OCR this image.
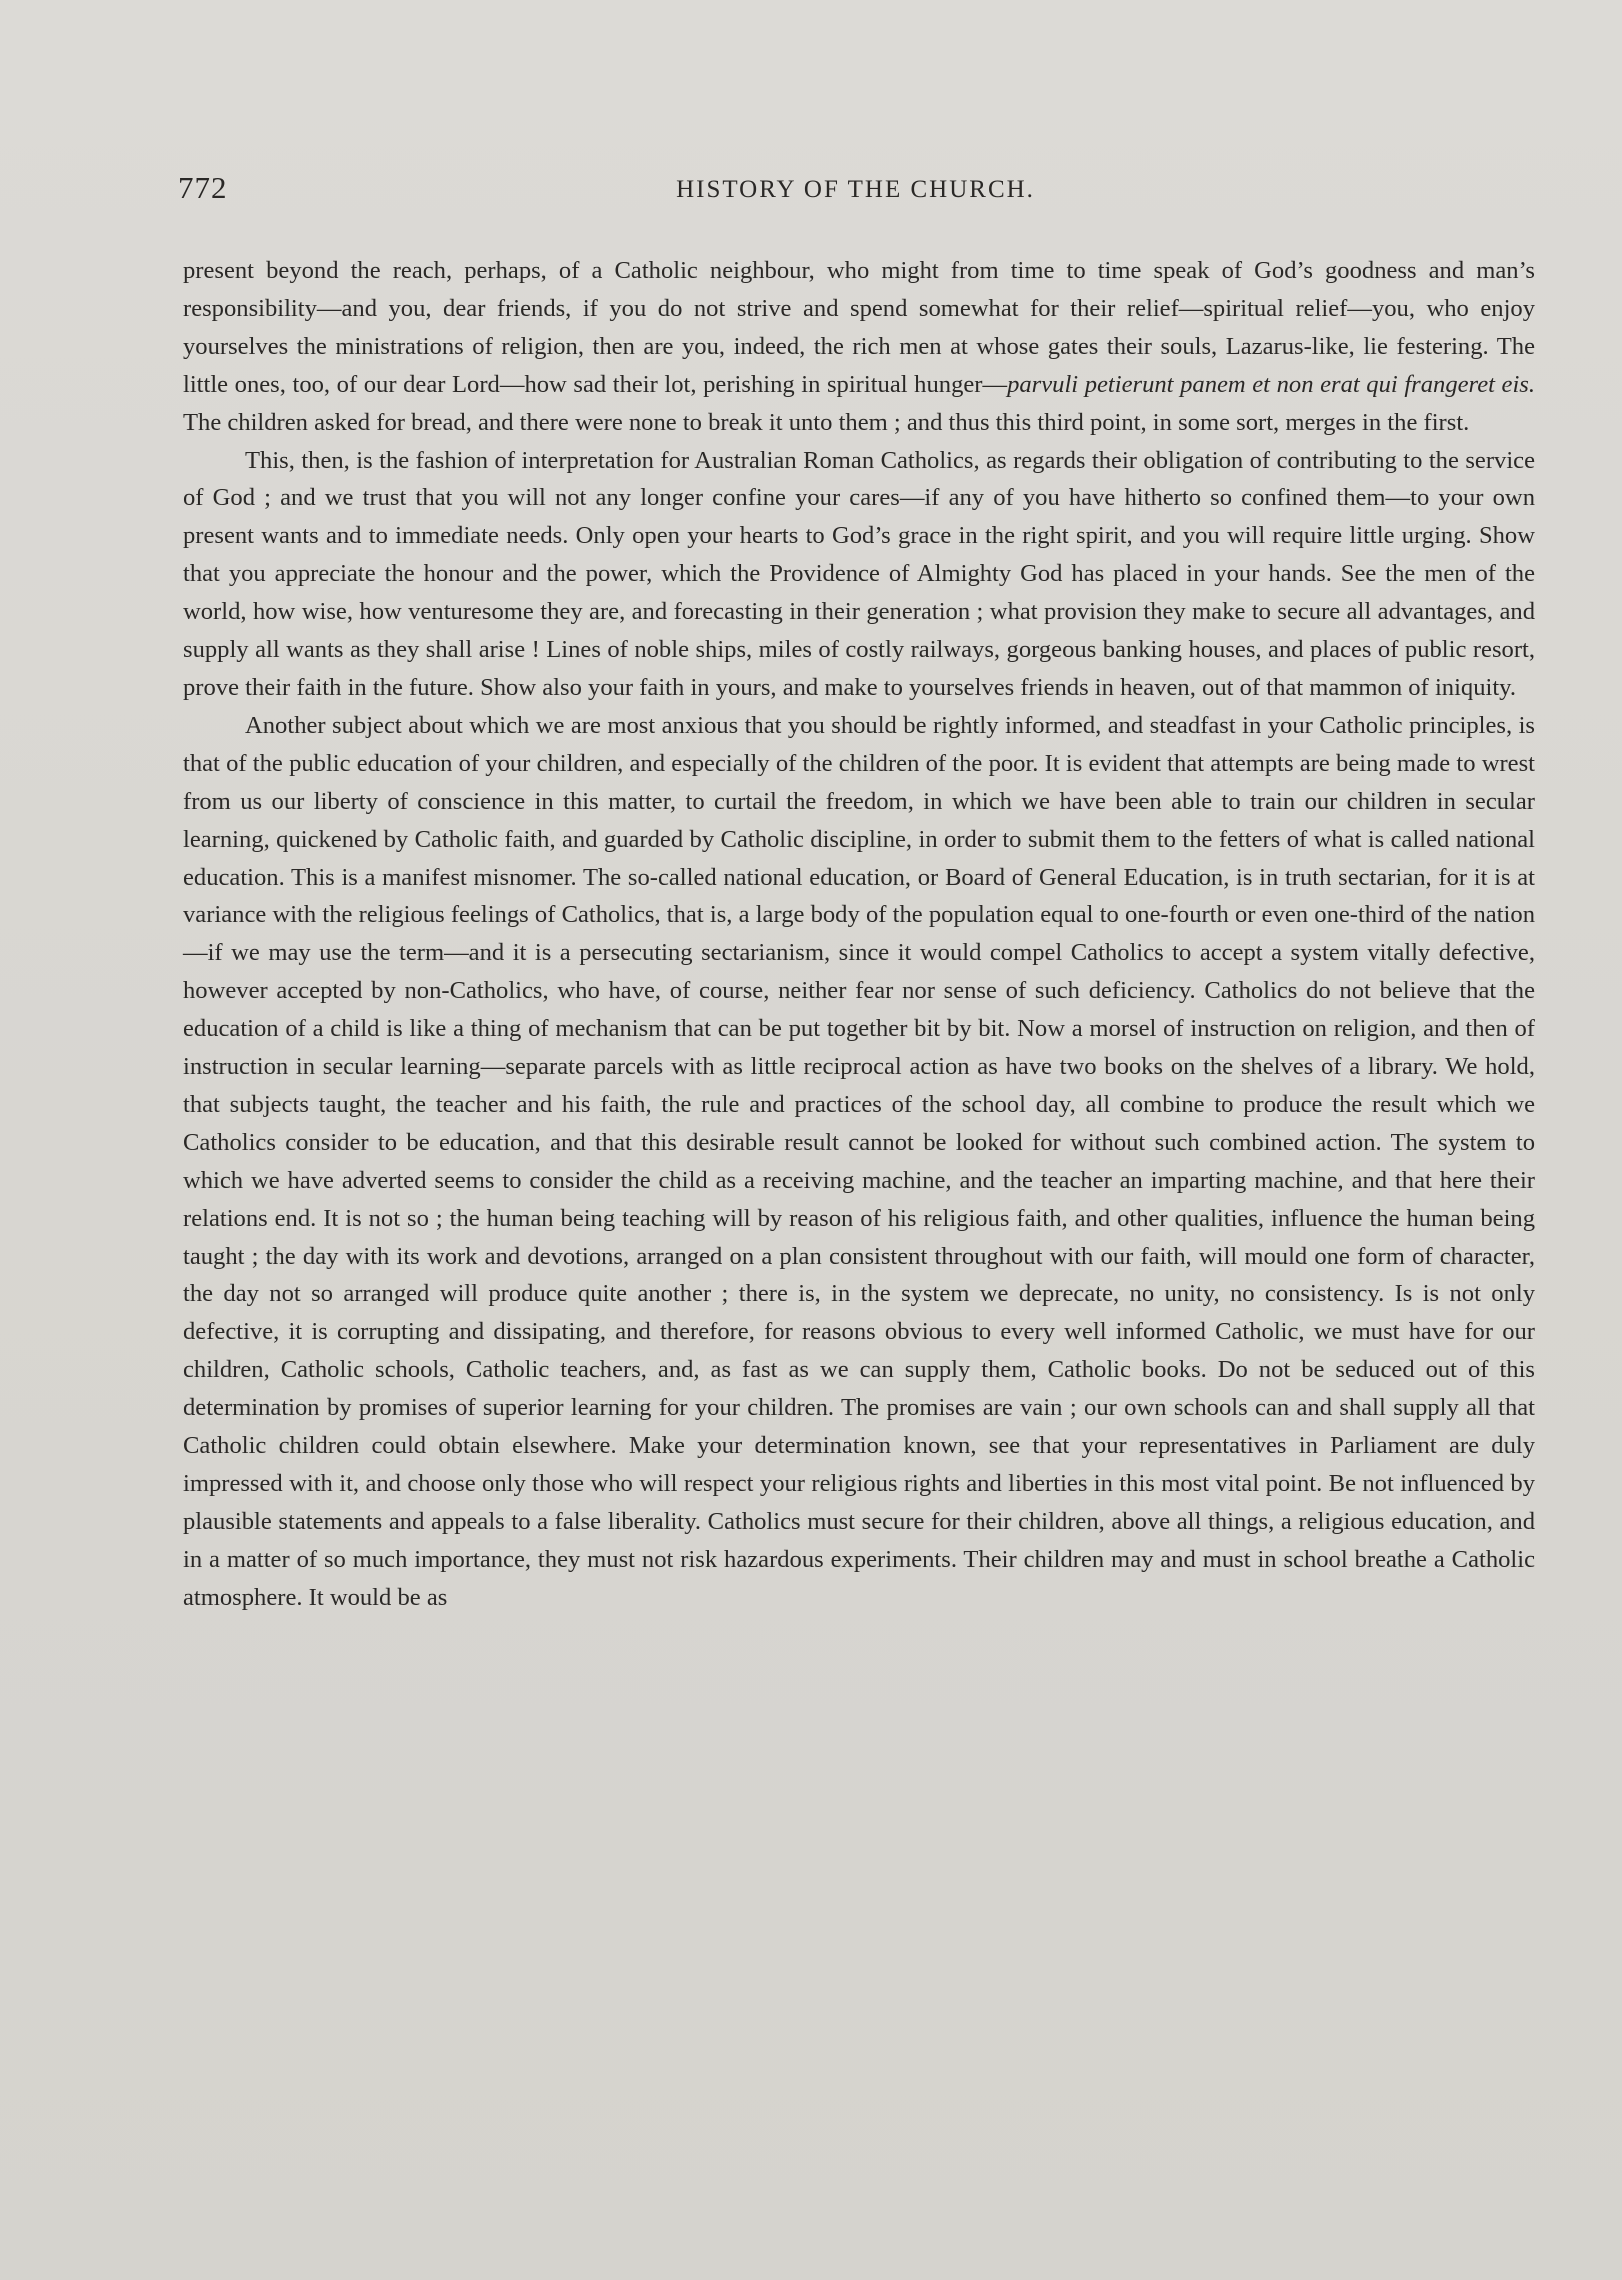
772	HISTORY OF THE CHURCH.

present beyond the reach, perhaps, of a Catholic neighbour, who might from time to time speak of God’s goodness and man’s responsibility—and you, dear friends, if you do not strive and spend somewhat for their relief—spiritual relief—you, who enjoy yourselves the ministrations of religion, then are you, indeed, the rich men at whose gates their souls, Lazarus-like, lie festering. The little ones, too, of our dear Lord—how sad their lot, perishing in spiritual hunger—parvuli petierunt panem et non erat qui frangeret eis. The children asked for bread, and there were none to break it unto them ; and thus this third point, in some sort, merges in the first.

This, then, is the fashion of interpretation for Australian Roman Catholics, as regards their obligation of contributing to the service of God ; and we trust that you will not any longer confine your cares—if any of you have hitherto so confined them—to your own present wants and to immediate needs. Only open your hearts to God’s grace in the right spirit, and you will require little urging. Show that you appreciate the honour and the power, which the Providence of Almighty God has placed in your hands. See the men of the world, how wise, how venturesome they are, and forecasting in their generation ; what provision they make to secure all advantages, and supply all wants as they shall arise ! Lines of noble ships, miles of costly railways, gorgeous banking houses, and places of public resort, prove their faith in the future. Show also your faith in yours, and make to yourselves friends in heaven, out of that mammon of iniquity.

Another subject about which we are most anxious that you should be rightly informed, and steadfast in your Catholic principles, is that of the public education of your children, and especially of the children of the poor. It is evident that attempts are being made to wrest from us our liberty of conscience in this matter, to curtail the freedom, in which we have been able to train our children in secular learning, quickened by Catholic faith, and guarded by Catholic discipline, in order to submit them to the fetters of what is called national education. This is a manifest misnomer. The so-called national education, or Board of General Education, is in truth sectarian, for it is at variance with the religious feelings of Catholics, that is, a large body of the population equal to one-fourth or even one-third of the nation—if we may use the term—and it is a persecuting sectarianism, since it would compel Catholics to accept a system vitally defective, however accepted by non-Catholics, who have, of course, neither fear nor sense of such deficiency. Catholics do not believe that the education of a child is like a thing of mechanism that can be put together bit by bit. Now a morsel of instruction on religion, and then of instruction in secular learning—separate parcels with as little reciprocal action as have two books on the shelves of a library. We hold, that subjects taught, the teacher and his faith, the rule and practices of the school day, all combine to produce the result which we Catholics consider to be education, and that this desirable result cannot be looked for without such combined action. The system to which we have adverted seems to consider the child as a receiving machine, and the teacher an imparting machine, and that here their relations end. It is not so ; the human being teaching will by reason of his religious faith, and other qualities, influence the human being taught ; the day with its work and devotions, arranged on a plan consistent throughout with our faith, will mould one form of character, the day not so arranged will produce quite another ; there is, in the system we deprecate, no unity, no consistency. Is is not only defective, it is corrupting and dissipating, and therefore, for reasons obvious to every well informed Catholic, we must have for our children, Catholic schools, Catholic teachers, and, as fast as we can supply them, Catholic books. Do not be seduced out of this determination by promises of superior learning for your children. The promises are vain ; our own schools can and shall supply all that Catholic children could obtain elsewhere. Make your determination known, see that your representatives in Parliament are duly impressed with it, and choose only those who will respect your religious rights and liberties in this most vital point. Be not influenced by plausible statements and appeals to a false liberality. Catholics must secure for their children, above all things, a religious education, and in a matter of so much importance, they must not risk hazardous experiments. Their children may and must in school breathe a Catholic atmosphere. It would be as
